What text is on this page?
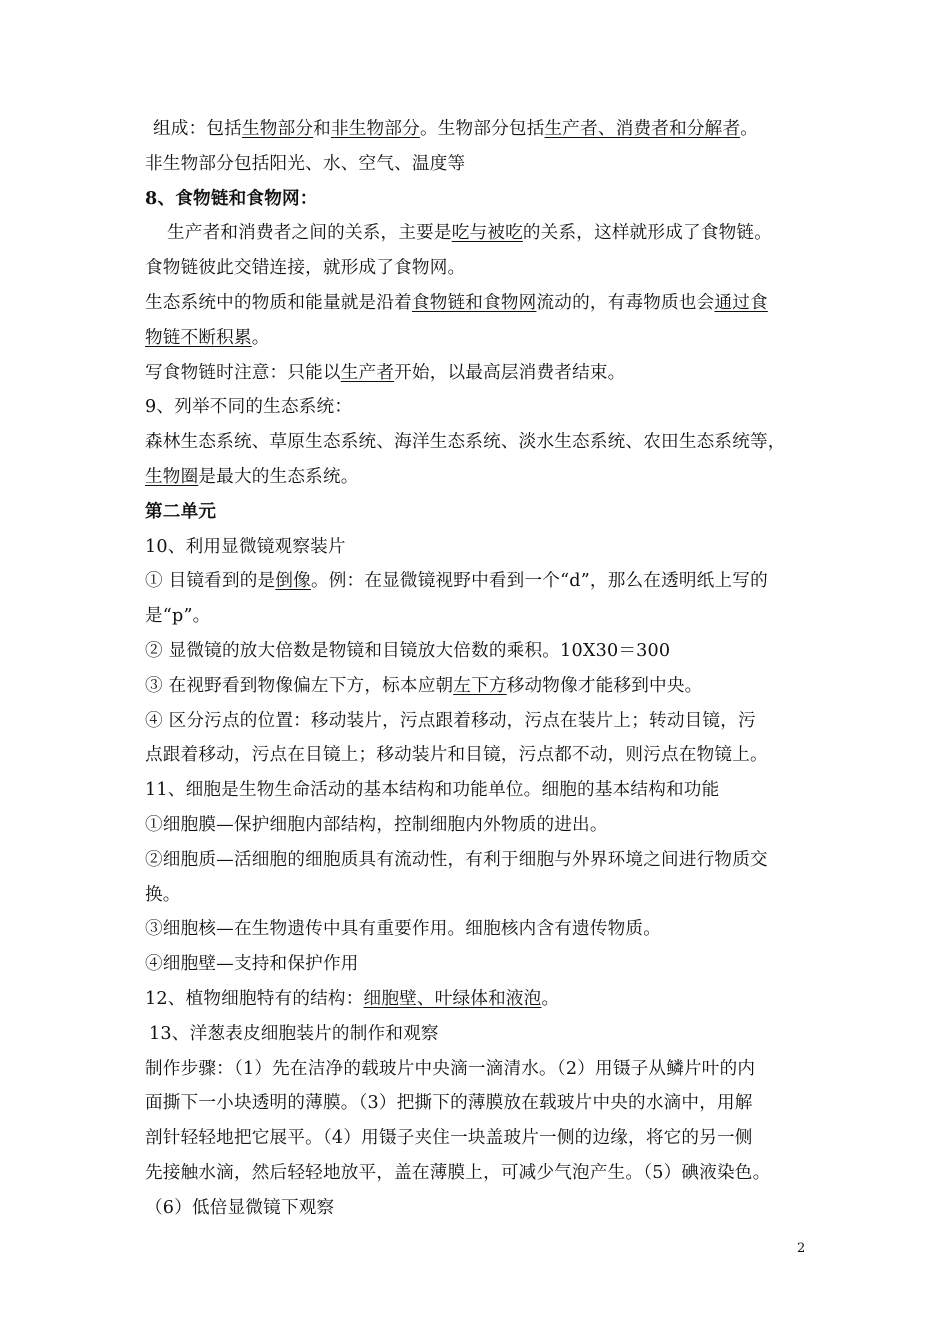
组成：包括生物部分和非生物部分。生物部分包括生产者、消费者和分解者。
非生物部分包括阳光、水、空气、温度等
8、食物链和食物网：
生产者和消费者之间的关系，主要是吃与被吃的关系，这样就形成了食物链。
食物链彼此交错连接，就形成了食物网。
生态系统中的物质和能量就是沿着食物链和食物网流动的，有毒物质也会通过食
物链不断积累。
写食物链时注意：只能以生产者开始，以最高层消费者结束。
9、列举不同的生态系统：
森林生态系统、草原生态系统、海洋生态系统、淡水生态系统、农田生态系统等，
生物圈是最大的生态系统。
第二单元
10、利用显微镜观察装片
① 目镜看到的是倒像。例：在显微镜视野中看到一个“d”，那么在透明纸上写的
是“p”。
② 显微镜的放大倍数是物镜和目镜放大倍数的乘积。10X30＝300
③ 在视野看到物像偏左下方，标本应朝左下方移动物像才能移到中央。
④ 区分污点的位置：移动装片，污点跟着移动，污点在装片上；转动目镜，污
点跟着移动，污点在目镜上；移动装片和目镜，污点都不动，则污点在物镜上。
11、细胞是生物生命活动的基本结构和功能单位。细胞的基本结构和功能
①细胞膜—保护细胞内部结构，控制细胞内外物质的进出。
②细胞质—活细胞的细胞质具有流动性，有利于细胞与外界环境之间进行物质交
换。
③细胞核—在生物遗传中具有重要作用。细胞核内含有遗传物质。
④细胞壁—支持和保护作用
12、植物细胞特有的结构：细胞壁、叶绿体和液泡。
13、洋葱表皮细胞装片的制作和观察
制作步骤：（1）先在洁净的载玻片中央滴一滴清水。（2）用镊子从鳞片叶的内
面撕下一小块透明的薄膜。（3）把撕下的薄膜放在载玻片中央的水滴中，用解
剖针轻轻地把它展平。（4）用镊子夹住一块盖玻片一侧的边缘，将它的另一侧
先接触水滴，然后轻轻地放平，盖在薄膜上，可减少气泡产生。（5）碘液染色。
（6）低倍显微镜下观察
2
